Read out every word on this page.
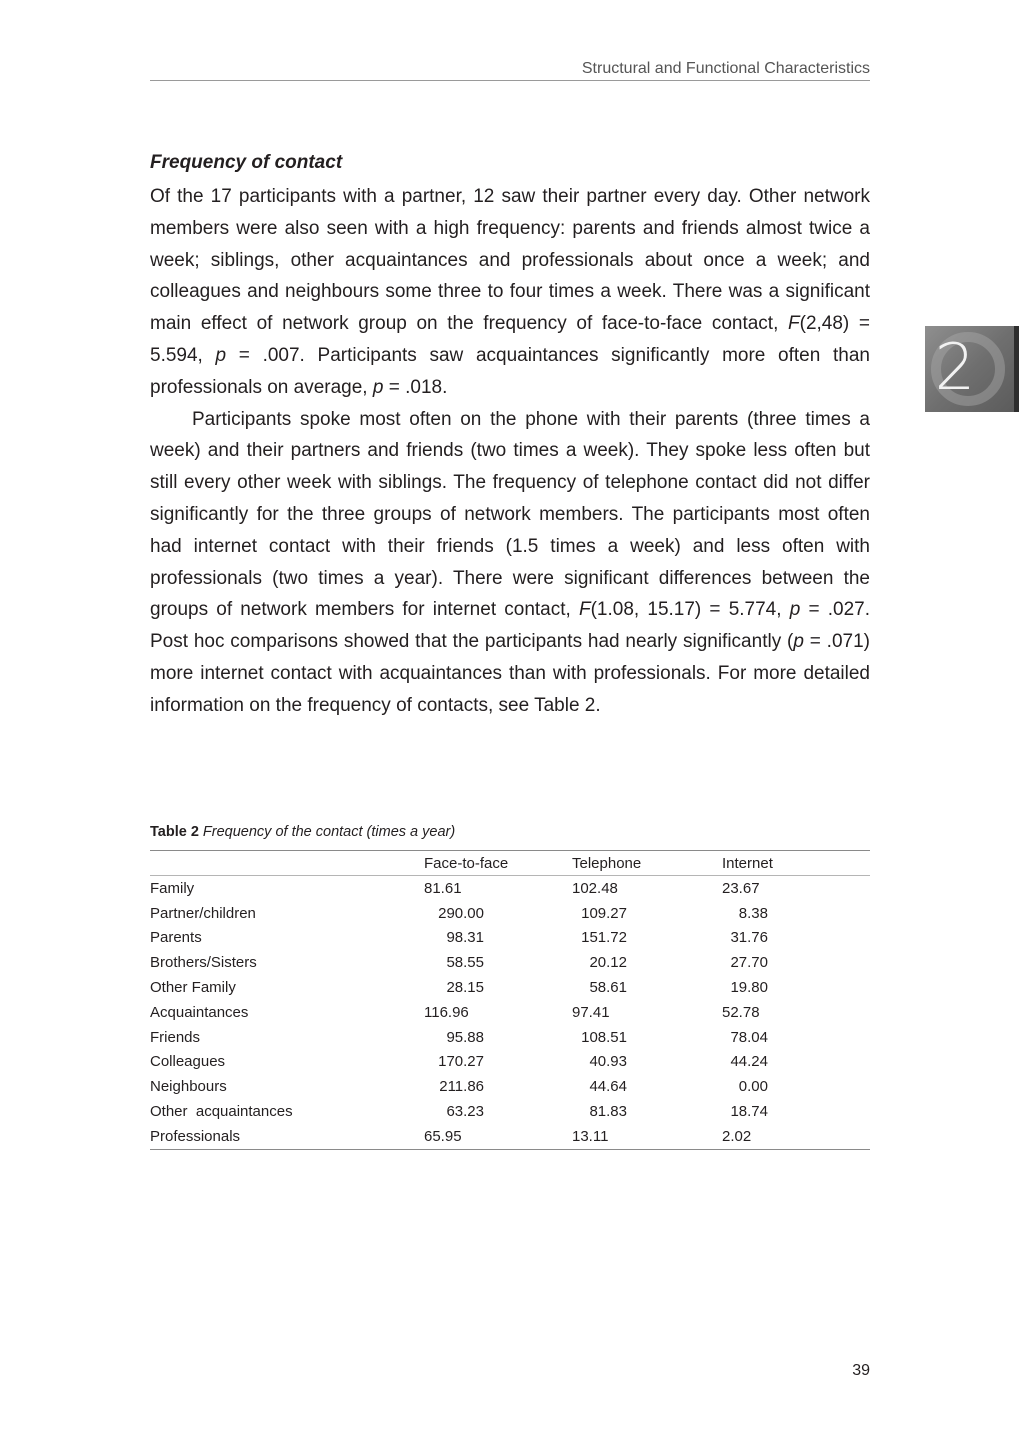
Structural and Functional Characteristics
2
Frequency of contact

Of the 17 participants with a partner, 12 saw their partner every day. Other network members were also seen with a high frequency: parents and friends almost twice a week; siblings, other acquaintances and professionals about once a week; and colleagues and neighbours some three to four times a week. There was a significant main effect of network group on the frequency of face-to-face contact, F(2,48) = 5.594, p = .007. Participants saw acquaintances significantly more often than professionals on average, p = .018.

Participants spoke most often on the phone with their parents (three times a week) and their partners and friends (two times a week). They spoke less often but still every other week with siblings. The frequency of telephone contact did not differ significantly for the three groups of network members. The participants most often had internet contact with their friends (1.5 times a week) and less often with professionals (two times a year). There were significant differences between the groups of network members for internet contact, F(1.08, 15.17) = 5.774, p = .027. Post hoc comparisons showed that the participants had nearly significantly (p = .071) more internet contact with acquaintances than with professionals. For more detailed information on the frequency of contacts, see Table 2.

Table 2 Frequency of the contact (times a year)
	Face-to-face	Telephone	Internet
Family	81.61	102.48	23.67
Partner/children	290.00	109.27	8.38
Parents	98.31	151.72	31.76
Brothers/Sisters	58.55	20.12	27.70
Other Family	28.15	58.61	19.80
Acquaintances	116.96	97.41	52.78
Friends	95.88	108.51	78.04
Colleagues	170.27	40.93	44.24
Neighbours	211.86	44.64	0.00
Other  acquaintances	63.23	81.83	18.74
Professionals	65.95	13.11	2.02
39
